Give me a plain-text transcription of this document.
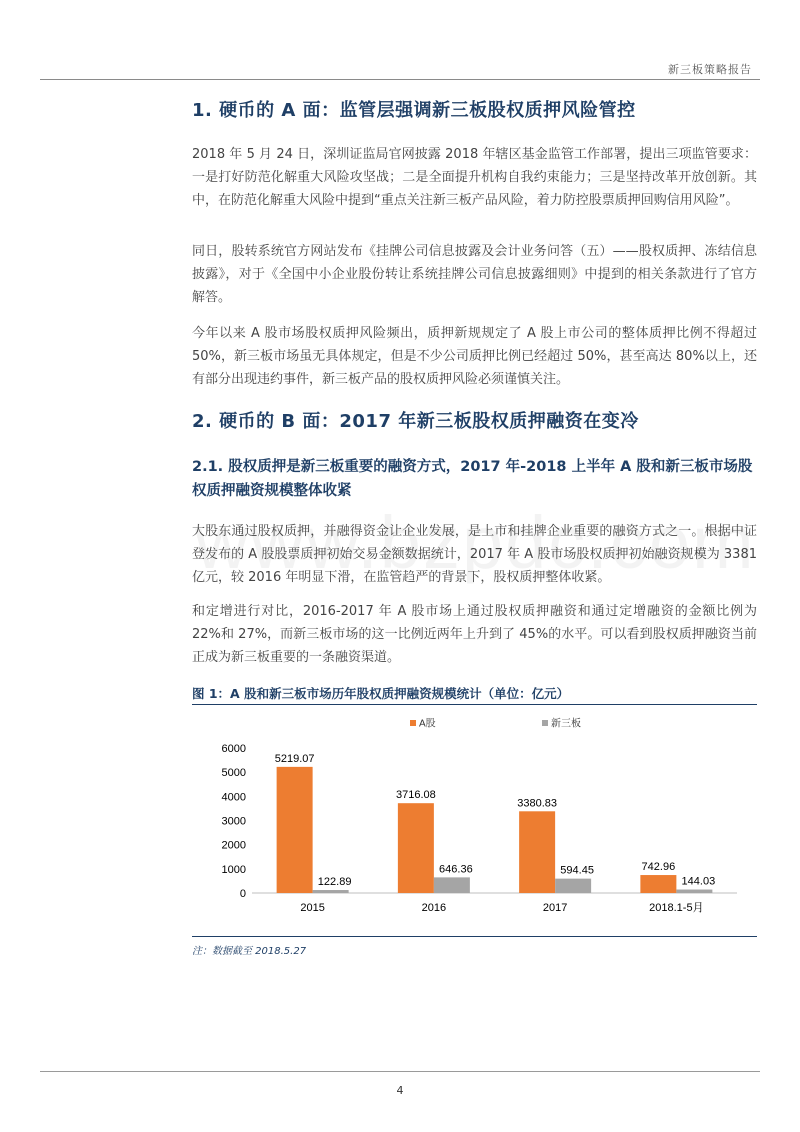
新三板策略报告
1. 硬币的 A 面：监管层强调新三板股权质押风险管控

2018 年 5 月 24 日，深圳证监局官网披露 2018 年辖区基金监管工作部署，提出三项监管要求：一是打好防范化解重大风险攻坚战；二是全面提升机构自我约束能力；三是坚持改革开放创新。其中，在防范化解重大风险中提到“重点关注新三板产品风险，着力防控股票质押回购信用风险”。

同日，股转系统官方网站发布《挂牌公司信息披露及会计业务问答（五）——股权质押、冻结信息披露》，对于《全国中小企业股份转让系统挂牌公司信息披露细则》中提到的相关条款进行了官方解答。

今年以来 A 股市场股权质押风险频出，质押新规规定了 A 股上市公司的整体质押比例不得超过 50%，新三板市场虽无具体规定，但是不少公司质押比例已经超过 50%，甚至高达 80%以上，还有部分出现违约事件，新三板产品的股权质押风险必须谨慎关注。

2. 硬币的 B 面：2017 年新三板股权质押融资在变冷

2.1. 股权质押是新三板重要的融资方式，2017 年-2018 上半年 A 股和新三板市场股权质押融资规模整体收紧

大股东通过股权质押，并融得资金让企业发展，是上市和挂牌企业重要的融资方式之一。根据中证登发布的 A 股股票质押初始交易金额数据统计，2017 年 A 股市场股权质押初始融资规模为 3381 亿元，较 2016 年明显下滑，在监管趋严的背景下，股权质押整体收紧。

和定增进行对比，2016-2017 年 A 股市场上通过股权质押融资和通过定增融资的金额比例为 22%和 27%，而新三板市场的这一比例近两年上升到了 45%的水平。可以看到股权质押融资当前正成为新三板重要的一条融资渠道。

图 1：A 股和新三板市场历年股权质押融资规模统计（单位：亿元）
0
1000
2000
3000
4000
5000
6000
A股	新三板
5219.07
122.89
2015
3716.08
646.36
2016
3380.83
594.45
2017
742.96
144.03
2018.1-5月
注：数据截至 2018.5.27
4
